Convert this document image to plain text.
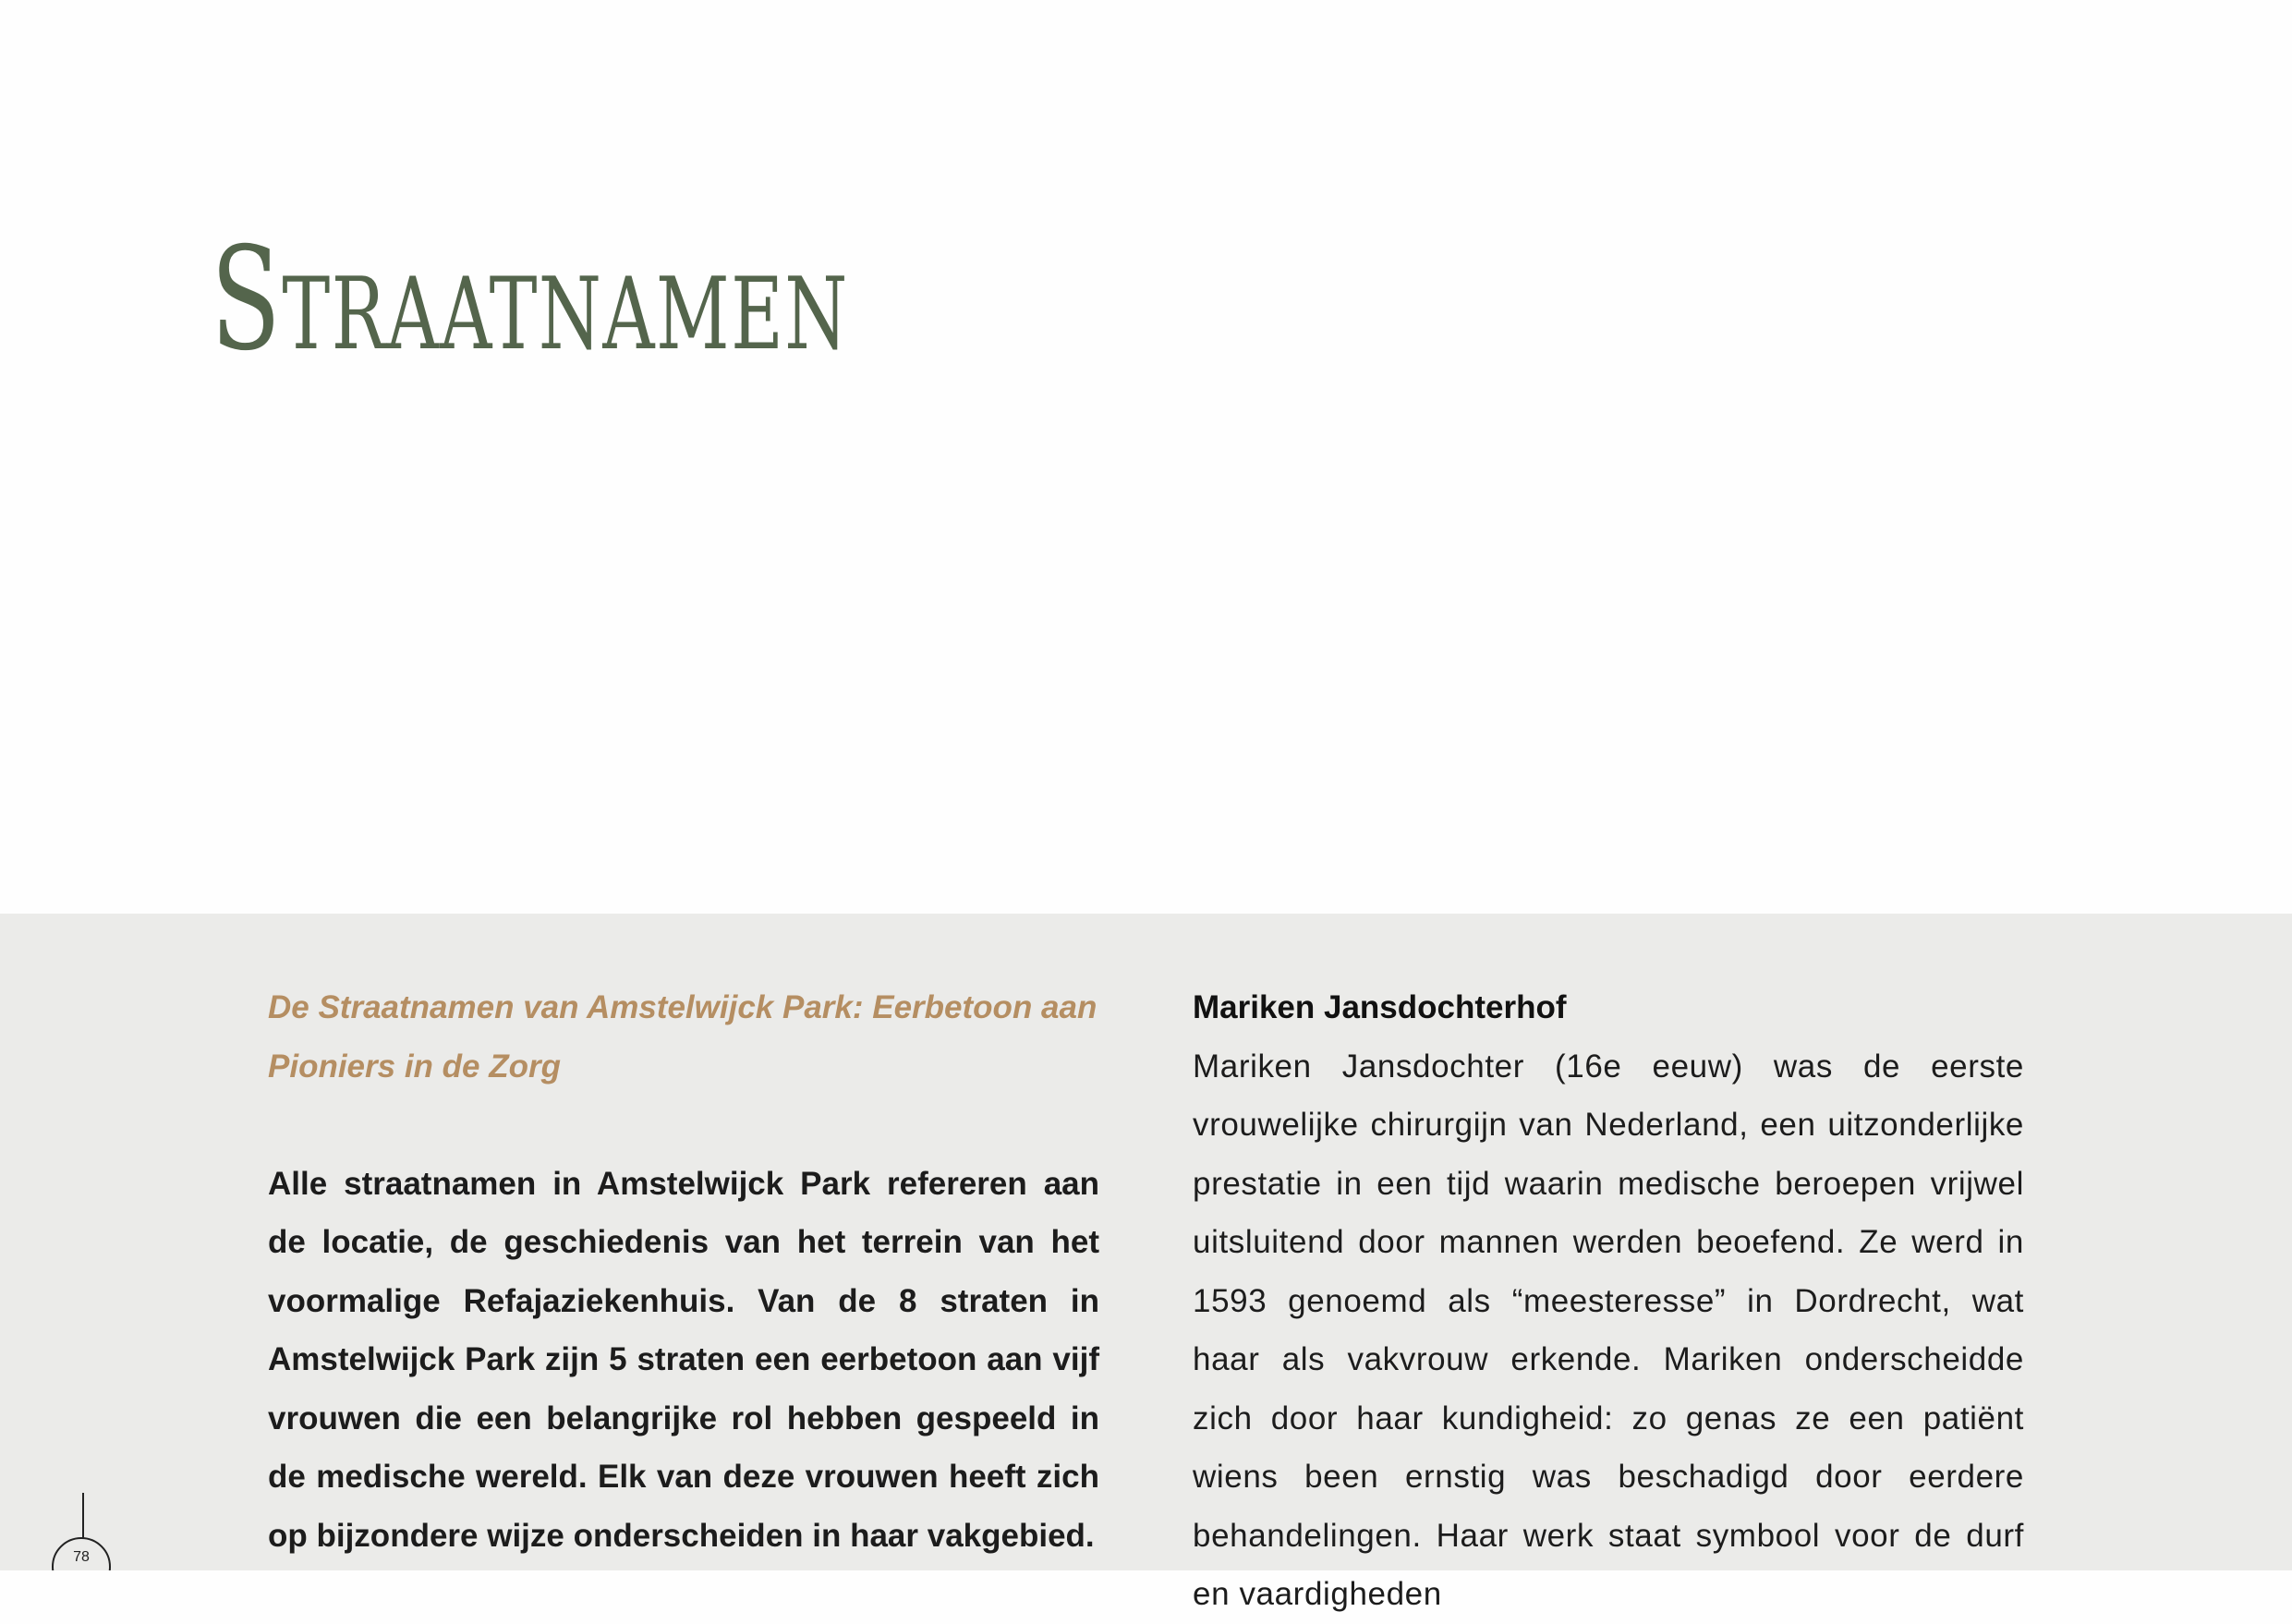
Straatnamen

De Straatnamen van Amstelwijck Park: Eerbetoon aan Pioniers in de Zorg

Alle straatnamen in Amstelwijck Park refereren aan de locatie, de geschiedenis van het terrein van het voormalige Refajaziekenhuis. Van de 8 straten in Amstelwijck Park zijn 5 straten een eerbetoon aan vijf vrouwen die een belangrijke rol hebben gespeeld in de medische wereld. Elk van deze vrouwen heeft zich op bijzondere wijze onderscheiden in haar vakgebied.

Mariken Jansdochterhof

Mariken Jansdochter (16e eeuw) was de eerste vrouwelijke chirurgijn van Nederland, een uitzonderlijke prestatie in een tijd waarin medische beroepen vrijwel uitsluitend door mannen werden beoefend. Ze werd in 1593 genoemd als “meesteresse” in Dordrecht, wat haar als vakvrouw erkende. Mariken onderscheidde zich door haar kundigheid: zo genas ze een patiënt wiens been ernstig was beschadigd door eerdere behandelingen. Haar werk staat symbool voor de durf en vaardigheden

78
